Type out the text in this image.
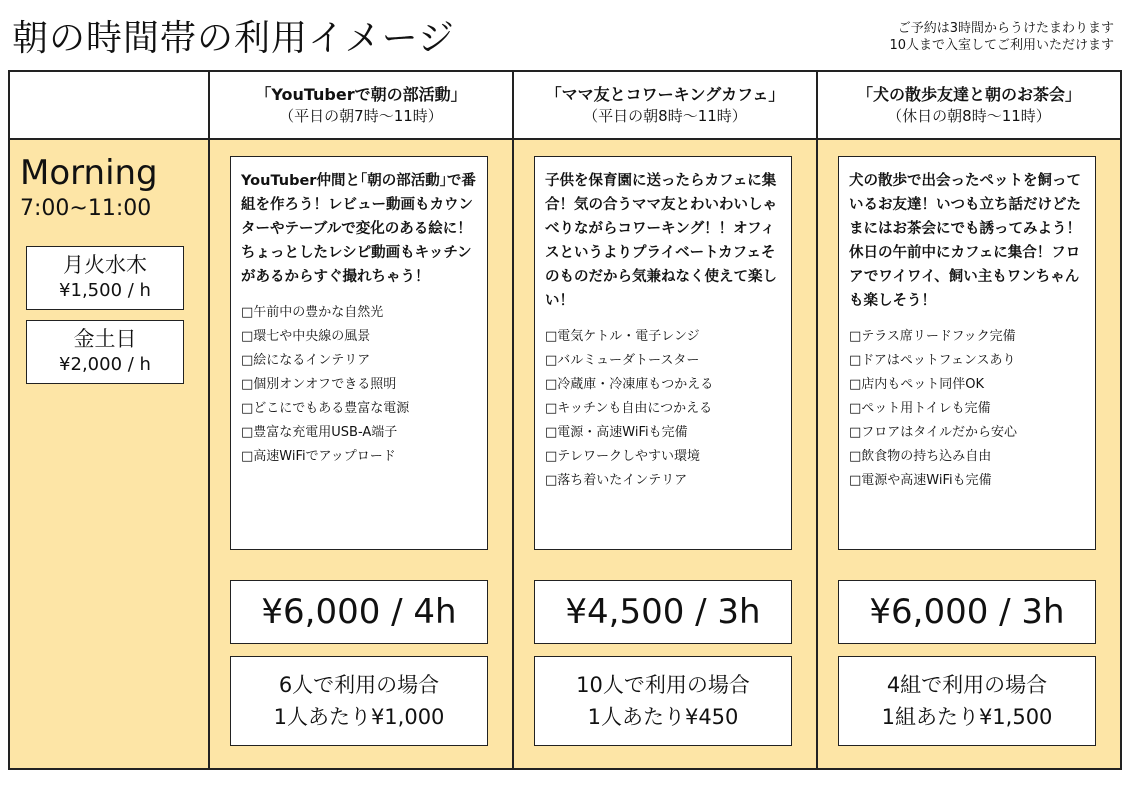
朝の時間帯の利用イメージ	ご予約は3時間からうけたまわります
10人まで入室してご利用いただけます
「YouTuberで朝の部活動」
（平日の朝7時〜11時）
「ママ友とコワーキングカフェ」
（平日の朝8時〜11時）
「犬の散歩友達と朝のお茶会」
（休日の朝8時〜11時）
Morning
7:00~11:00
月火水木
¥1,500 / h
金土日
¥2,000 / h
YouTuber仲間と｢朝の部活動｣で番組を作ろう！レビュー動画もカウンターやテーブルで変化のある絵に！ちょっとしたレシピ動画もキッチンがあるからすぐ撮れちゃう！
□午前中の豊かな自然光
□環七や中央線の風景
□絵になるインテリア
□個別オンオフできる照明
□どこにでもある豊富な電源
□豊富な充電用USB-A端子
□高速WiFiでアップロード
¥6,000 / 4h
6人で利用の場合
1人あたり¥1,000
子供を保育園に送ったらカフェに集合！気の合うママ友とわいわいしゃべりながらコワーキング！！オフィスというよりプライベートカフェそのものだから気兼ねなく使えて楽しい！
□電気ケトル・電子レンジ
□バルミューダトースター
□冷蔵庫・冷凍庫もつかえる
□キッチンも自由につかえる
□電源・高速WiFiも完備
□テレワークしやすい環境
□落ち着いたインテリア
¥4,500 / 3h
10人で利用の場合
1人あたり¥450
犬の散歩で出会ったペットを飼っているお友達！いつも立ち話だけどたまにはお茶会にでも誘ってみよう！休日の午前中にカフェに集合！フロアでワイワイ、飼い主もワンちゃんも楽しそう！
□テラス席リードフック完備
□ドアはペットフェンスあり
□店内もペット同伴OK
□ペット用トイレも完備
□フロアはタイルだから安心
□飲食物の持ち込み自由
□電源や高速WiFiも完備
¥6,000 / 3h
4組で利用の場合
1組あたり¥1,500
